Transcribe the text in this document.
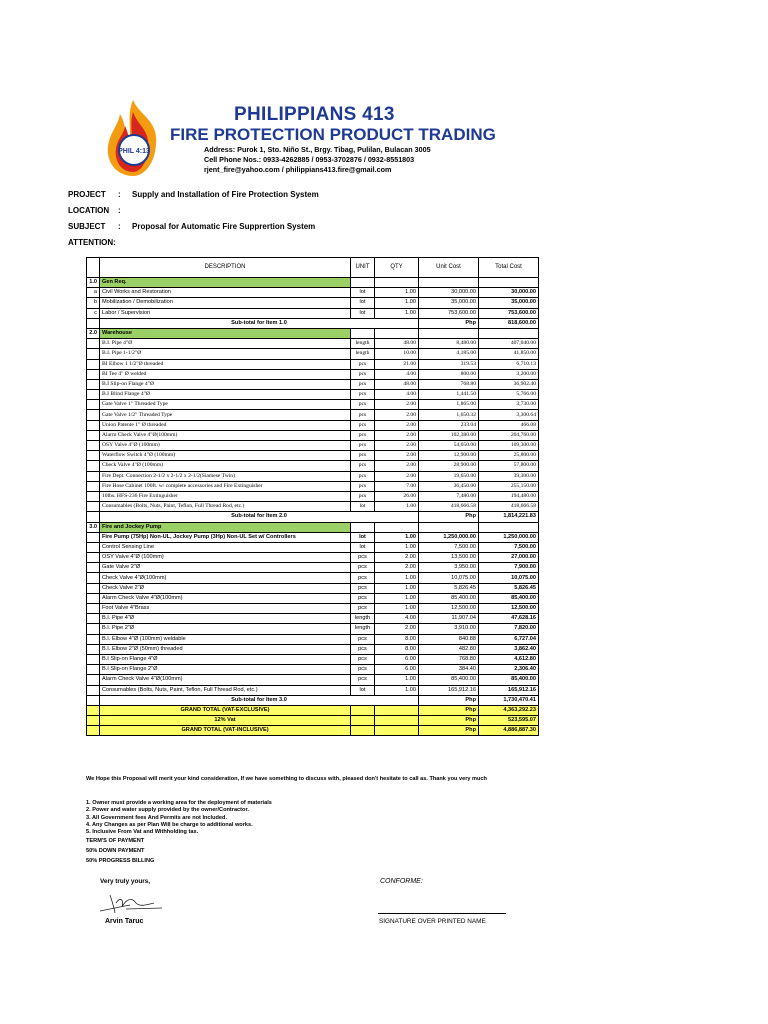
PHIL 4:13
PHILIPPIANS 413
FIRE PROTECTION PRODUCT TRADING
Address: Purok 1, Sto. Niño St., Brgy. Tibag, Pulilan, Bulacan 3005
Cell Phone Nos.: 0933-4262885 / 0953-3702876 / 0932-8551803
rjent_fire@yahoo.com / philippians413.fire@gmail.com
PROJECT	:	Supply and Installation of Fire Protection System
LOCATION	:
SUBJECT	:	Proposal for Automatic Fire Supprertion System
ATTENTION:
	DESCRIPTION	UNIT	QTY	Unit Cost	Total Cost
1.0	Gen Req.				
a	Civil Works and Restoration	lot	1.00	30,000.00	30,000.00
b	Mobilization / Demobilization	lot	1.00	35,000.00	35,000.00
c	Labor / Supervision	lot	1.00	753,600.00	753,600.00
	Sub-total for Item 1.0			Php	818,600.00
2.0	Warehouse				
	B.I. Pipe 4"Ø	length	48.00	8,480.00	407,040.00
	B.I. Pipe 1-1/2"Ø	length	10.00	4,185.00	41,850.00
	BI Elbow 1 1/2"Ø threaded	pcs	21.00	319.53	6,710.13
	BI Tee 4" Ø welded	pcs	4.00	800.00	3,200.00
	B.I Slip-on Flange 4"Ø	pcs	48.00	768.80	36,902.40
	B.I Blind Flange 4"Ø	pcs	4.00	1,441.50	5,766.00
	Gate Valve 1" Threaded Type	pcs	2.00	1,865.00	3,730.00
	Gate Valve 1/2" Threaded Type	pcs	2.00	1,650.32	3,300.64
	Union Patente 1" Ø threaded	pcs	2.00	233.04	466.08
	Alarm Check Valve 4"Ø(100mm)	pcs	2.00	102,380.00	204,760.00
	OSY Valve 4"Ø (100mm)	pcs	2.00	54,650.00	109,300.00
	Waterflow Switch 4"Ø (100mm)	pcs	2.00	12,900.00	25,800.00
	Check Valve 4"Ø (100mm)	pcs	2.00	28,900.00	57,800.00
	Fire Dept. Connection 2-1/2 x 2-1/2 x 2-1/2(Siamese Twin)	pcs	2.00	19,650.00	39,300.00
	Fire Hose Cabinet 100ft. w/ complete accessories and Fire Extinguisher	pcs	7.00	36,450.00	255,150.00
	10lbs. HFS-236 Fire Extinguisher	pcs	26.00	7,480.00	194,480.00
	Consumables (Bolts, Nuts, Paint, Teflon, Full Thread Rod, etc.)	lot	1.00	418,666.58	418,666.58
	Sub-total for Item 2.0			Php	1,814,221.83
3.0	Fire and Jockey Pump				
	Fire Pump (75Hp) Non-UL, Jockey Pump (3Hp) Non-UL Set w/ Controllers	lot	1.00	1,250,000.00	1,250,000.00
	Control Sensing Line	lot	1.00	7,500.00	7,500.00
	OSY Valve 4"Ø (100mm)	pcs	2.00	13,500.00	27,000.00
	Gate Valve 2"Ø	pcs	2.00	3,950.00	7,900.00
	Check Valve 4"Ø(100mm)	pcs	1.00	10,075.00	10,075.00
	Check Valve 2"Ø	pcs	1.00	5,826.45	5,826.45
	Alarm Check Valve 4"Ø(100mm)	pcs	1.00	85,400.00	85,400.00
	Foot Valve 4"Brass	pcs	1.00	12,500.00	12,500.00
	B.I. Pipe 4"Ø	length	4.00	11,907.04	47,628.16
	B.I. Pipe 2"Ø	length	2.00	3,910.00	7,820.00
	B.I. Elbow 4"Ø (100mm) weldable	pcs	8.00	840.88	6,727.04
	B.I. Elbow 2"Ø (50mm) threaded	pcs	8.00	482.80	3,862.40
	B.I Slip-on Flange 4"Ø	pcs	6.00	768.80	4,612.80
	B.I Slip-on Flange 2"Ø	pcs	6.00	384.40	2,306.40
	Alarm Check Valve 4"Ø(100mm)	pcs	1.00	85,400.00	85,400.00
	Consumables (Bolts, Nuts, Paint, Teflon, Full Thread Rod, etc.)	lot	1.00	165,912.16	165,912.16
	Sub-total for Item 3.0			Php	1,730,470.41
	GRAND TOTAL (VAT-EXCLUSIVE)			Php	4,363,292.23
	12% Vat			Php	523,595.07
	GRAND TOTAL (VAT-INCLUSIVE)			Php	4,886,887.30
We Hope this Proposal will merit your kind consideration, If we have something to discuss with, pleased don't hesitate to call as. Thank you very much
1. Owner must provide a working area for the deployment of materials
2. Power and water supply provided by the owner/Contractor.
3. All Government fees And Permits are not Included.
4. Any Changes as per Plan Will be charge to additional works.
5. Inclusive From Vat and Withholding tax.
TERM'S OF PAYMENT
50% DOWN PAYMENT
50% PROGRESS BILLING
Very truly yours,
Arvin Taruc
CONFORME:
SIGNATURE OVER PRINTED NAME
